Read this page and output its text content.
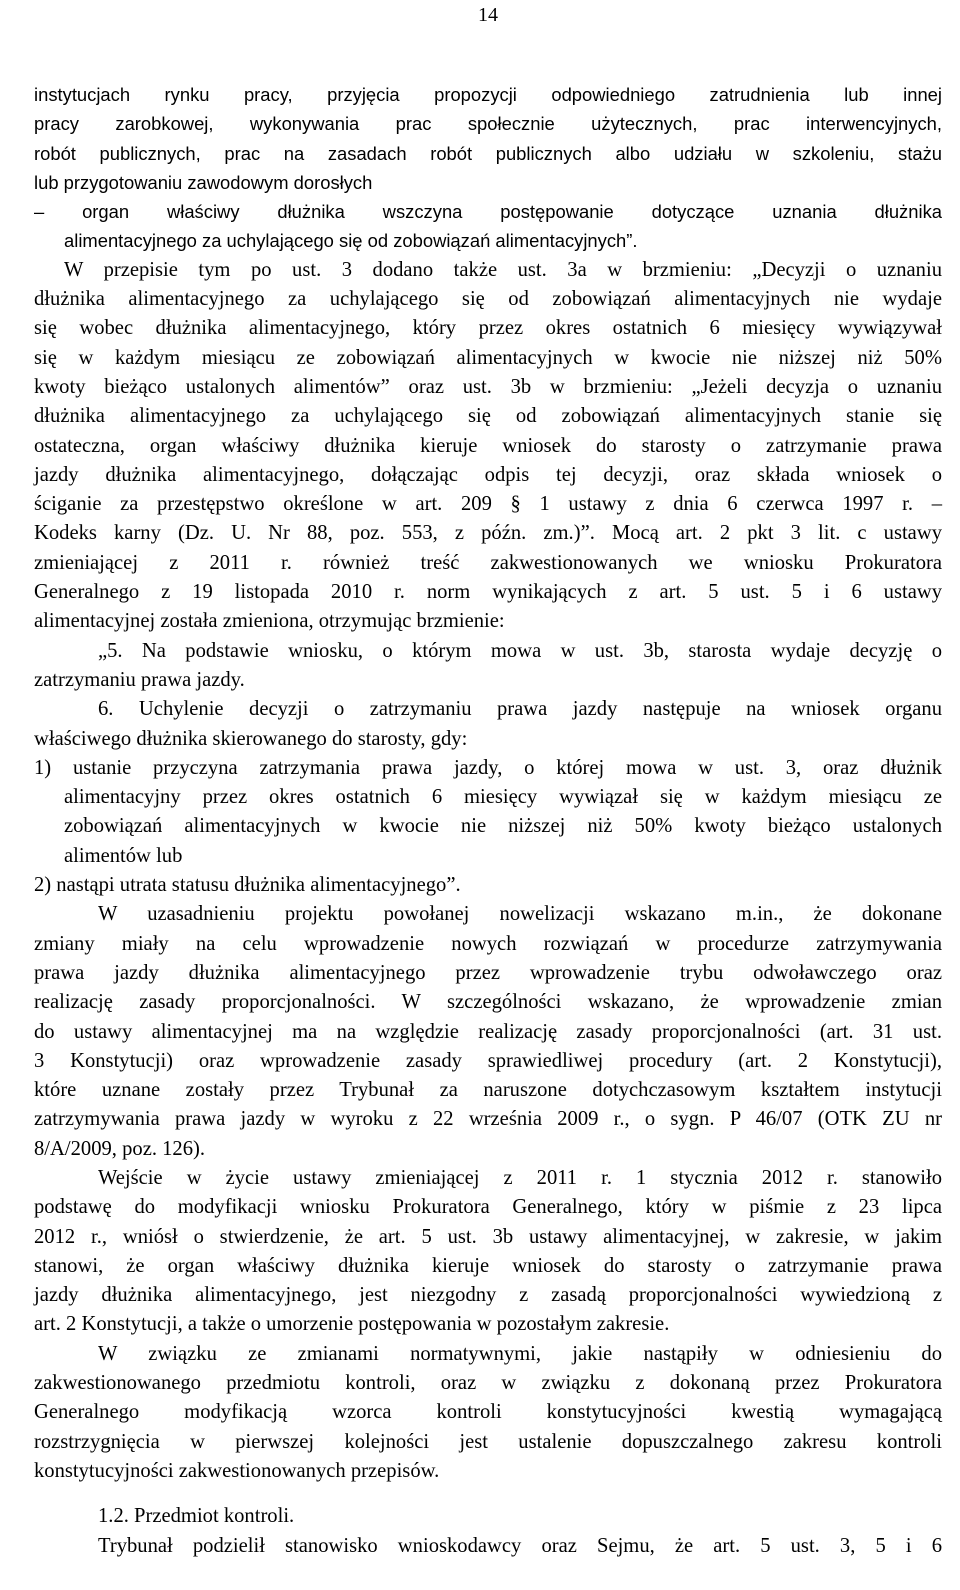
14
instytucjach rynku pracy, przyjęcia propozycji odpowiedniego zatrudnienia lub innej
pracy zarobkowej, wykonywania prac społecznie użytecznych, prac interwencyjnych,
robót publicznych, prac na zasadach robót publicznych albo udziału w szkoleniu, stażu
lub przygotowaniu zawodowym dorosłych
– organ właściwy dłużnika wszczyna postępowanie dotyczące uznania dłużnika
alimentacyjnego za uchylającego się od zobowiązań alimentacyjnych”.
W przepisie tym po ust. 3 dodano także ust. 3a w brzmieniu: „Decyzji o uznaniu
dłużnika alimentacyjnego za uchylającego się od zobowiązań alimentacyjnych nie wydaje
się wobec dłużnika alimentacyjnego, który przez okres ostatnich 6 miesięcy wywiązywał
się w każdym miesiącu ze zobowiązań alimentacyjnych w kwocie nie niższej niż 50%
kwoty bieżąco ustalonych alimentów” oraz ust. 3b w brzmieniu: „Jeżeli decyzja o uznaniu
dłużnika alimentacyjnego za uchylającego się od zobowiązań alimentacyjnych stanie się
ostateczna, organ właściwy dłużnika kieruje wniosek do starosty o zatrzymanie prawa
jazdy dłużnika alimentacyjnego, dołączając odpis tej decyzji, oraz składa wniosek o
ściganie za przestępstwo określone w art. 209 § 1 ustawy z dnia 6 czerwca 1997 r. –
Kodeks karny (Dz. U. Nr 88, poz. 553, z późn. zm.)”. Mocą art. 2 pkt 3 lit. c ustawy
zmieniającej z 2011 r. również treść zakwestionowanych we wniosku Prokuratora
Generalnego z 19 listopada 2010 r. norm wynikających z art. 5 ust. 5 i 6 ustawy
alimentacyjnej została zmieniona, otrzymując brzmienie:
„5. Na podstawie wniosku, o którym mowa w ust. 3b, starosta wydaje decyzję o
zatrzymaniu prawa jazdy.
6. Uchylenie decyzji o zatrzymaniu prawa jazdy następuje na wniosek organu
właściwego dłużnika skierowanego do starosty, gdy:
1) ustanie przyczyna zatrzymania prawa jazdy, o której mowa w ust. 3, oraz dłużnik
alimentacyjny przez okres ostatnich 6 miesięcy wywiązał się w każdym miesiącu ze
zobowiązań alimentacyjnych w kwocie nie niższej niż 50% kwoty bieżąco ustalonych
alimentów lub
2) nastąpi utrata statusu dłużnika alimentacyjnego”.
W uzasadnieniu projektu powołanej nowelizacji wskazano m.in., że dokonane
zmiany miały na celu wprowadzenie nowych rozwiązań w procedurze zatrzymywania
prawa jazdy dłużnika alimentacyjnego przez wprowadzenie trybu odwoławczego oraz
realizację zasady proporcjonalności. W szczególności wskazano, że wprowadzenie zmian
do ustawy alimentacyjnej ma na względzie realizację zasady proporcjonalności (art. 31 ust.
3 Konstytucji) oraz wprowadzenie zasady sprawiedliwej procedury (art. 2 Konstytucji),
które uznane zostały przez Trybunał za naruszone dotychczasowym kształtem instytucji
zatrzymywania prawa jazdy w wyroku z 22 września 2009 r., o sygn. P 46/07 (OTK ZU nr
8/A/2009, poz. 126).
Wejście w życie ustawy zmieniającej z 2011 r. 1 stycznia 2012 r. stanowiło
podstawę do modyfikacji wniosku Prokuratora Generalnego, który w piśmie z 23 lipca
2012 r., wniósł o stwierdzenie, że art. 5 ust. 3b ustawy alimentacyjnej, w zakresie, w jakim
stanowi, że organ właściwy dłużnika kieruje wniosek do starosty o zatrzymanie prawa
jazdy dłużnika alimentacyjnego, jest niezgodny z zasadą proporcjonalności wywiedzioną z
art. 2 Konstytucji, a także o umorzenie postępowania w pozostałym zakresie.
W związku ze zmianami normatywnymi, jakie nastąpiły w odniesieniu do
zakwestionowanego przedmiotu kontroli, oraz w związku z dokonaną przez Prokuratora
Generalnego modyfikacją wzorca kontroli konstytucyjności kwestią wymagającą
rozstrzygnięcia w pierwszej kolejności jest ustalenie dopuszczalnego zakresu kontroli
konstytucyjności zakwestionowanych przepisów.
1.2. Przedmiot kontroli.
Trybunał podzielił stanowisko wnioskodawcy oraz Sejmu, że art. 5 ust. 3, 5 i 6
